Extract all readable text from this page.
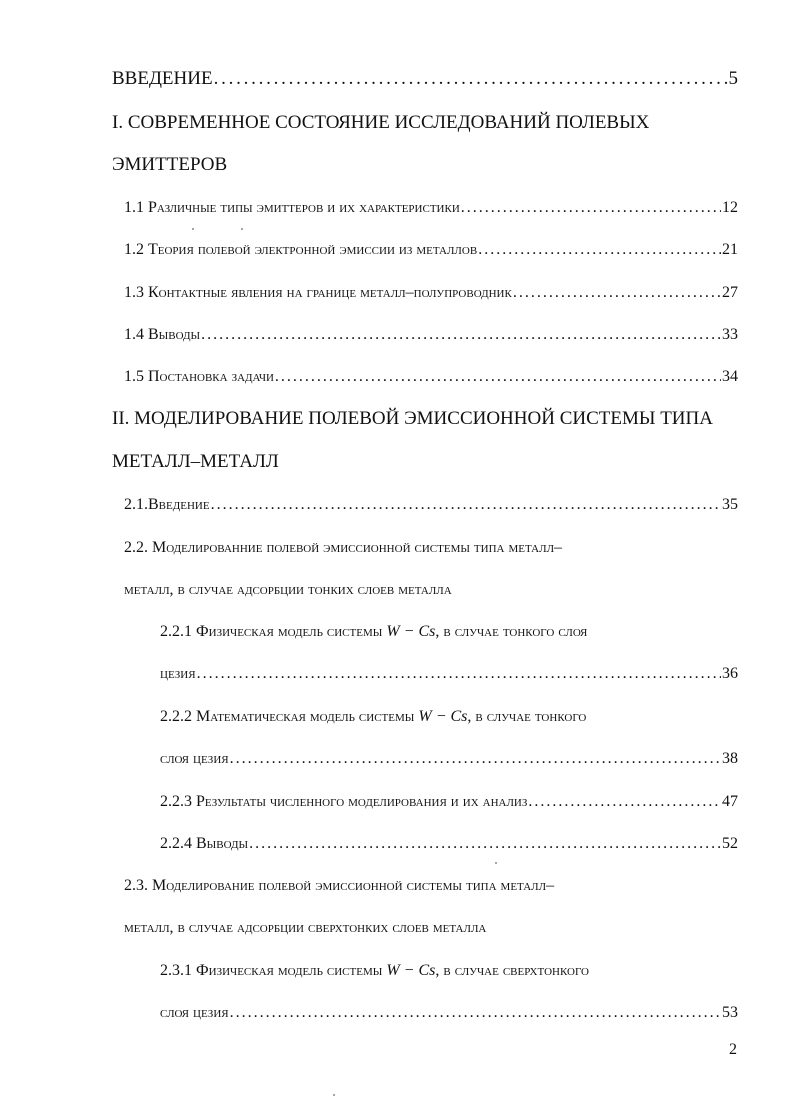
ВВЕДЕНИЕ . . .	5
I. СОВРЕМЕННОЕ СОСТОЯНИЕ ИССЛЕДОВАНИЙ ПОЛЕВЫХ
ЭМИТТЕРОВ
1.1
Различные типы эмиттеров и их характеристики . . .	12
1.2
Теория полевой электронной эмиссии из металлов . . .	21
1.3
Контактные явления на границе металл–полупроводник . . .	27
1.4
Выводы . . .	33
1.5
Постановка задачи . . .	34
II. МОДЕЛИРОВАНИЕ ПОЛЕВОЙ ЭМИССИОННОЙ СИСТЕМЫ ТИПА
МЕТАЛЛ–МЕТАЛЛ
2.1. Введение . . .	35
2.2. Моделированние полевой эмиссионной системы типа металл–
металл, в случае адсорбции тонких слоев металла
2.2.1 Физическая модель системы W − Cs, в случае тонкого слоя
цезия . . .	36
2.2.2 Математическая модель системы W − Cs, в случае тонкого
слоя цезия . . .	38
2.2.3
Результаты численного моделирования и их анализ . . .	47
2.2.4
Выводы . . .	52
2.3. Моделирование полевой эмиссионной системы типа металл–
металл, в случае адсорбции сверхтонких слоев металла
2.3.1 Физическая модель системы W − Cs, в случае сверхтонкого
слоя цезия . . .	53
2
